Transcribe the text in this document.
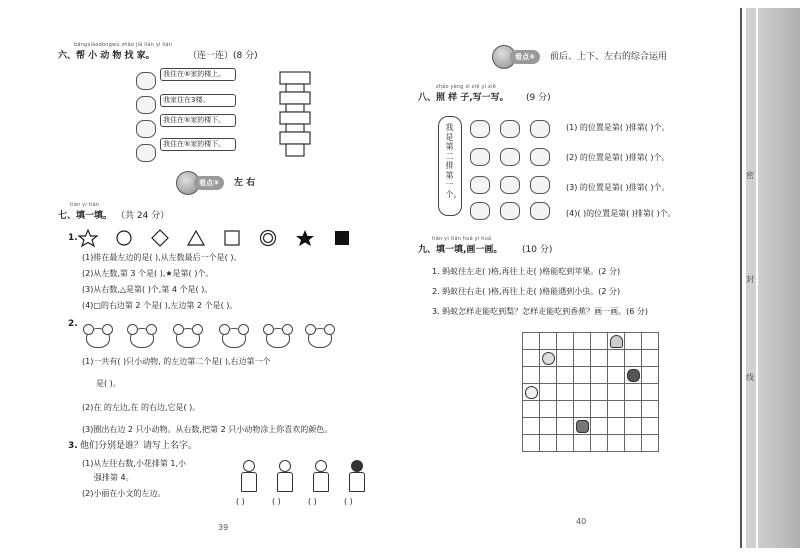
bāngxiǎodòngwù zhǎo jiā lián yi lián
六、帮 小 动 物 找 家。	（连一连）(8 分)
我住在⑤家的楼上。
我家住在3楼。
我住在⑤家的楼下。
我住在⑤家的楼下。
看点③	左 右
tián yi tián
七、填一填。 （共 24 分）
1.
(1)排在最左边的是( ),从左数最后一个是( )。
(2)从左数,第 3 个是( ),★是第( )个。
(3)从右数,△是第( )个,第 4 个是( )。
(4)□的右边第 2 个是( ),左边第 2 个是( )。
2.
(1)一共有( )只小动物, 的左边第二个是( ),右边第一个
是( )。
(2)在 的左边,在 的右边,它是( )。
(3)圈出右边 2 只小动物。从右数,把第 2 只小动物涂上你喜欢的颜色。
3. 他们分别是谁？请写上名字。
(1)从左往右数,小花排第 1,小
强排第 4。
(2)小丽在小文的左边。
( )	( )	( )	( )
39
看点④	前后、上下、左右的综合运用
zhào yàng zi xiě yi xiě
八、照 样 子,写一写。 (9 分)
我是第二排第一个。
(1) 的位置是第( )排第( )个。
(2) 的位置是第( )排第( )个。
(3) 的位置是第( )排第( )个。
(4)( )的位置是第( )排第( )个。
tián yi tián huà yi huà
九、填一填,画一画。 (10 分)
1. 蚂蚁往左走( )格,再往上走( )格能吃到苹果。(2 分)
2. 蚂蚁往右走( )格,再往上走( )格能遇到小虫。(2 分)
3. 蚂蚁怎样走能吃到梨？怎样走能吃到香蕉？画一画。(6 分)
40
密
封
线
